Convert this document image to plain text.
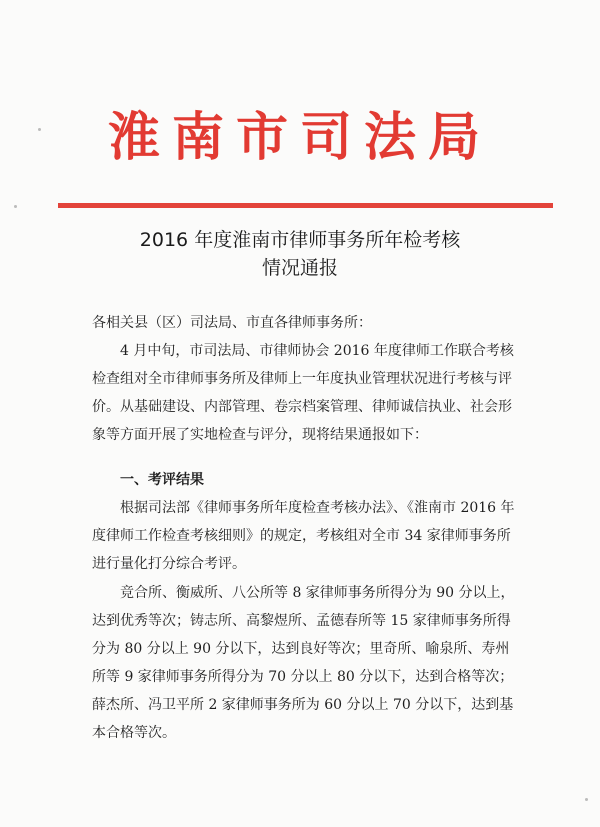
淮南市司法局
2016 年度淮南市律师事务所年检考核
情况通报
各相关县（区）司法局、市直各律师事务所：
4 月中旬，市司法局、市律师协会 2016 年度律师工作联合考核检查组对全市律师事务所及律师上一年度执业管理状况进行考核与评价。从基础建设、内部管理、卷宗档案管理、律师诚信执业、社会形象等方面开展了实地检查与评分，现将结果通报如下：
一、考评结果
根据司法部《律师事务所年度检查考核办法》、《淮南市 2016 年度律师工作检查考核细则》的规定，考核组对全市 34 家律师事务所进行量化打分综合考评。
竞合所、衡威所、八公所等 8 家律师事务所得分为 90 分以上，达到优秀等次；铸志所、高黎煜所、孟德春所等 15 家律师事务所得分为 80 分以上 90 分以下，达到良好等次；里奇所、喻泉所、寿州所等 9 家律师事务所得分为 70 分以上 80 分以下，达到合格等次；薛杰所、冯卫平所 2 家律师事务所为 60 分以上 70 分以下，达到基本合格等次。
